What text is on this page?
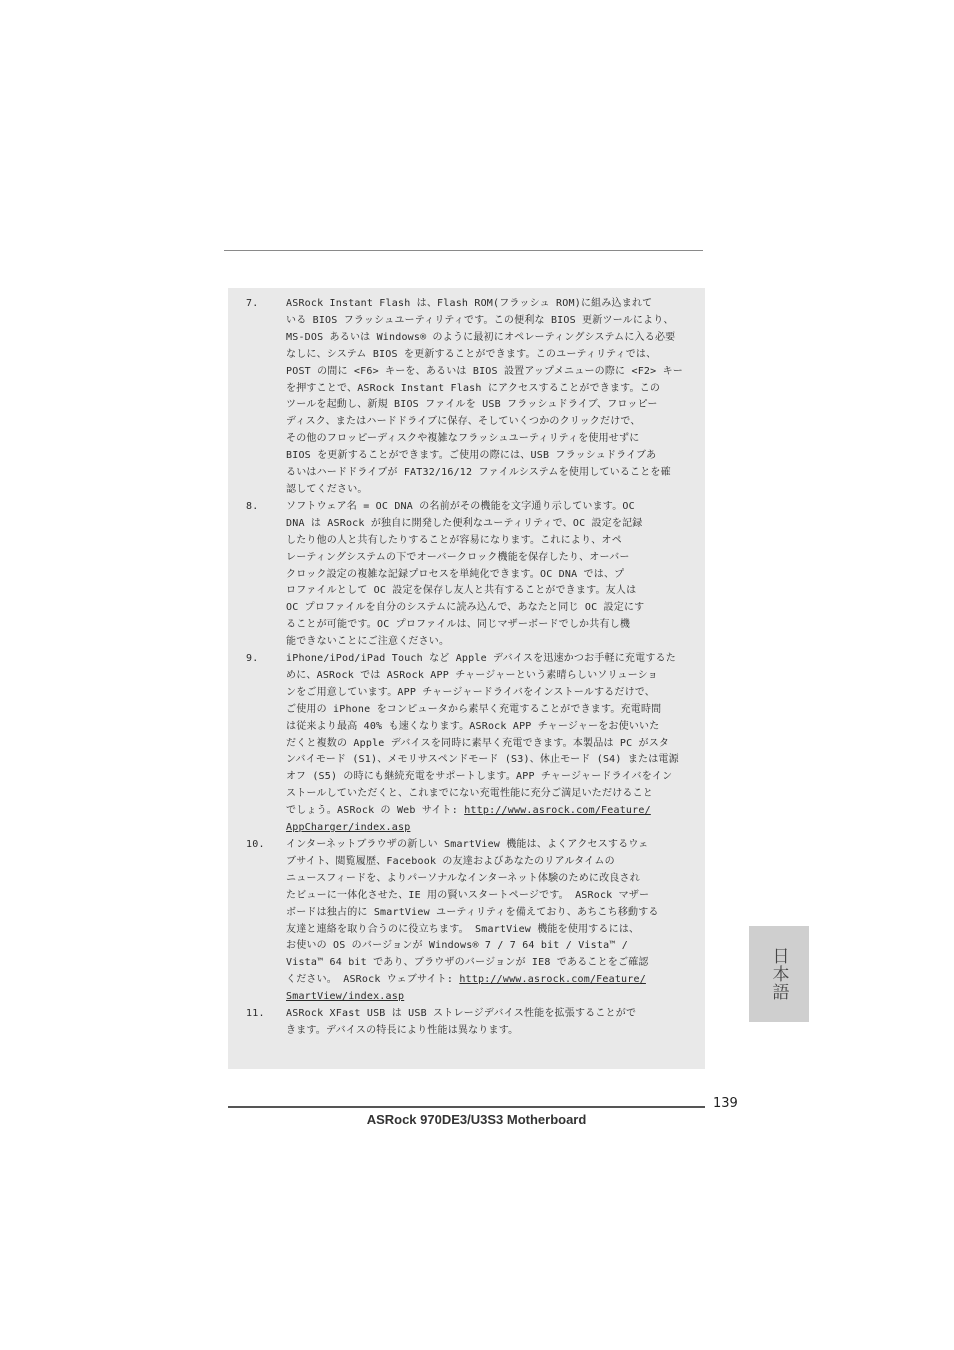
7.	ASRock Instant Flash は、Flash ROM(フラッシュ ROM)に組み込まれて
いる BIOS フラッシュユーティリティです。この便利な BIOS 更新ツールにより、
MS-DOS あるいは Windows® のように最初にオペレーティングシステムに入る必要
なしに、システム BIOS を更新することができます。このユーティリティでは、
POST の間に <F6> キーを、あるいは BIOS 設置アップメニューの際に <F2> キー
を押すことで、ASRock Instant Flash にアクセスすることができます。この
ツールを起動し、新規 BIOS ファイルを USB フラッシュドライブ、フロッピー
ディスク、またはハードドライブに保存、そしていくつかのクリックだけで、
その他のフロッピーディスクや複雑なフラッシュユーティリティを使用せずに
BIOS を更新することができます。ご使用の際には、USB フラッシュドライブあ
るいはハードドライブが FAT32/16/12 ファイルシステムを使用していることを確
認してください。
8.	ソフトウェア名 = OC DNA の名前がその機能を文字通り示しています。OC
DNA は ASRock が独自に開発した便利なユーティリティで、OC 設定を記録
したり他の人と共有したりすることが容易になります。これにより、オペ
レーティングシステムの下でオーバークロック機能を保存したり、オーバー
クロック設定の複雑な記録プロセスを単純化できます。OC DNA では、プ
ロファイルとして OC 設定を保存し友人と共有することができます。友人は
OC プロファイルを自分のシステムに読み込んで、あなたと同じ OC 設定にす
ることが可能です。OC プロファイルは、同じマザーボードでしか共有し機
能できないことにご注意ください。
9.	iPhone/iPod/iPad Touch など Apple デバイスを迅速かつお手軽に充電するた
めに、ASRock では ASRock APP チャージャーという素晴らしいソリューショ
ンをご用意しています。APP チャージャードライバをインストールするだけで、
ご使用の iPhone をコンピュータから素早く充電することができます。充電時間
は従来より最高 40% も速くなります。ASRock APP チャージャーをお使いいた
だくと複数の Apple デバイスを同時に素早く充電できます。本製品は PC がスタ
ンバイモード (S1)、メモリサスペンドモード (S3)、休止モード (S4) または電源
オフ (S5) の時にも継続充電をサポートします。APP チャージャードライバをイン
ストールしていただくと、これまでにない充電性能に充分ご満足いただけること
でしょう。ASRock の Web サイト: http://www.asrock.com/Feature/
AppCharger/index.asp
10. インターネットブラウザの新しい SmartView 機能は、よくアクセスするウェ
ブサイト、閲覧履歴、Facebook の友達およびあなたのリアルタイムの
ニュースフィードを、よりパーソナルなインターネット体験のために改良され
たビューに一体化させた、IE 用の賢いスタートページです。 ASRock マザー
ボードは独占的に SmartView ユーティリティを備えており、あちこち移動する
友達と連絡を取り合うのに役立ちます。 SmartView 機能を使用するには、
お使いの OS のバージョンが Windows® 7 / 7 64 bit / Vista™ /
Vista™ 64 bit であり、ブラウザのバージョンが IE8 であることをご確認
ください。 ASRock ウェブサイト: http://www.asrock.com/Feature/
SmartView/index.asp
11. ASRock XFast USB は USB ストレージデバイス性能を拡張することがで
きます。デバイスの特長により性能は異なります。
日本語
139
ASRock 970DE3/U3S3 Motherboard
